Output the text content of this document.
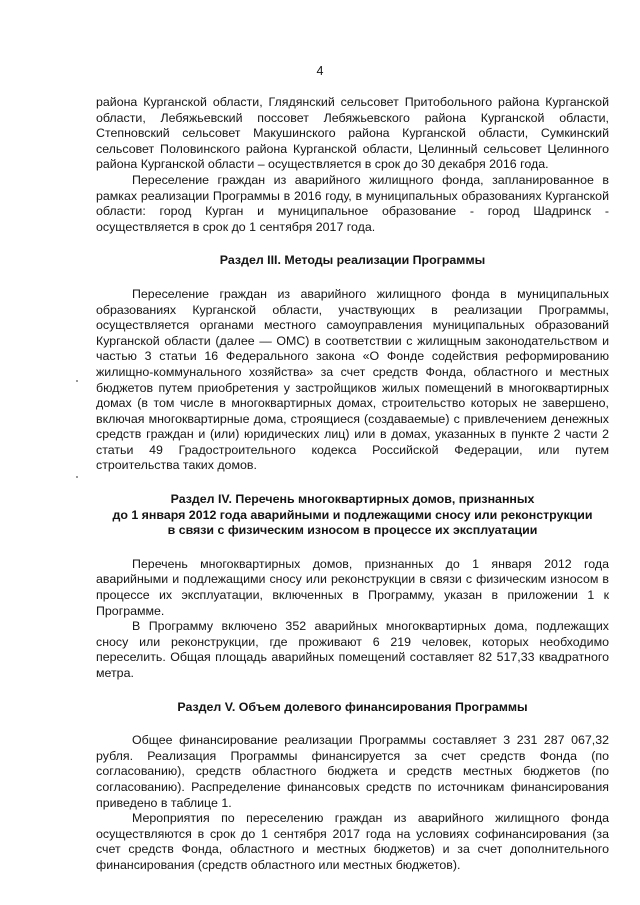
4

района Курганской области, Глядянский сельсовет Притобольного района Курганской области, Лебяжьевский поссовет Лебяжьевского района Курганской области, Степновский сельсовет Макушинского района Курганской области, Сумкинский сельсовет Половинского района Курганской области, Целинный сельсовет Целинного района Курганской области – осуществляется в срок до 30 декабря 2016 года.

Переселение граждан из аварийного жилищного фонда, запланированное в рамках реализации Программы в 2016 году, в муниципальных образованиях Курганской области: город Курган и муниципальное образование - город Шадринск - осуществляется в срок до 1 сентября 2017 года.

Раздел III. Методы реализации Программы

Переселение граждан из аварийного жилищного фонда в муниципальных образованиях Курганской области, участвующих в реализации Программы, осуществляется органами местного самоуправления муниципальных образований Курганской области (далее — ОМС) в соответствии с жилищным законодательством и частью 3 статьи 16 Федерального закона «О Фонде содействия реформированию жилищно-коммунального хозяйства» за счет средств Фонда, областного и местных бюджетов путем приобретения у застройщиков жилых помещений в многоквартирных домах (в том числе в многоквартирных домах, строительство которых не завершено, включая многоквартирные дома, строящиеся (создаваемые) с привлечением денежных средств граждан и (или) юридических лиц) или в домах, указанных в пункте 2 части 2 статьи 49 Градостроительного кодекса Российской Федерации, или путем строительства таких домов.

Раздел IV. Перечень многоквартирных домов, признанных
до 1 января 2012 года аварийными и подлежащими сносу или реконструкции
в связи с физическим износом в процессе их эксплуатации

Перечень многоквартирных домов, признанных до 1 января 2012 года аварийными и подлежащими сносу или реконструкции в связи с физическим износом в процессе их эксплуатации, включенных в Программу, указан в приложении 1 к Программе.

В Программу включено 352 аварийных многоквартирных дома, подлежащих сносу или реконструкции, где проживают 6 219 человек, которых необходимо переселить. Общая площадь аварийных помещений составляет 82 517,33 квадратного метра.

Раздел V. Объем долевого финансирования Программы

Общее финансирование реализации Программы составляет 3 231 287 067,32 рубля. Реализация Программы финансируется за счет средств Фонда (по согласованию), средств областного бюджета и средств местных бюджетов (по согласованию). Распределение финансовых средств по источникам финансирования приведено в таблице 1.

Мероприятия по переселению граждан из аварийного жилищного фонда осуществляются в срок до 1 сентября 2017 года на условиях софинансирования (за счет средств Фонда, областного и местных бюджетов) и за счет дополнительного финансирования (средств областного или местных бюджетов).
